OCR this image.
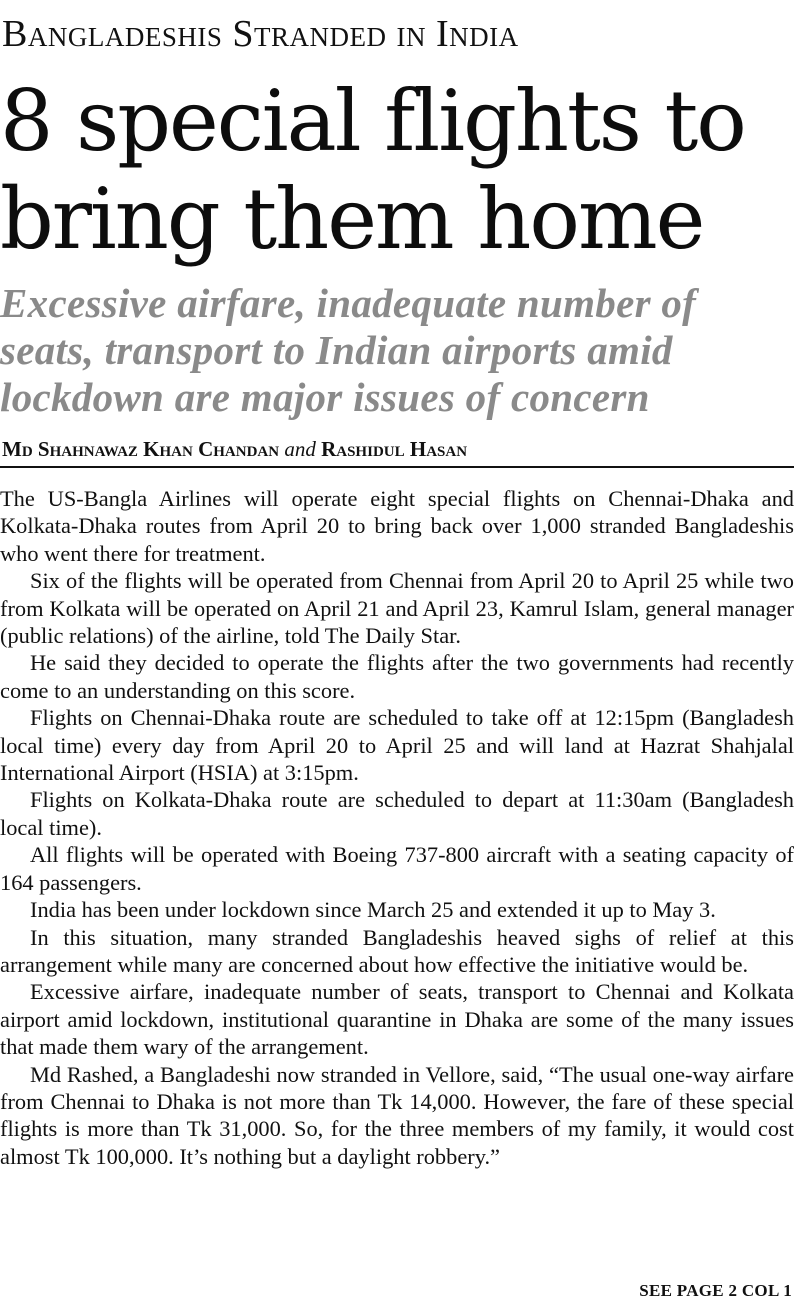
Bangladeshis Stranded in India
8 special flights to bring them home
Excessive airfare, inadequate number of seats, transport to Indian airports amid lockdown are major issues of concern
Md Shahnawaz Khan Chandan and Rashidul Hasan

The US-Bangla Airlines will operate eight special flights on Chennai-Dhaka and Kolkata-Dhaka routes from April 20 to bring back over 1,000 stranded Bangladeshis who went there for treatment.

Six of the flights will be operated from Chennai from April 20 to April 25 while two from Kolkata will be operated on April 21 and April 23, Kamrul Islam, general manager (public relations) of the airline, told The Daily Star.

He said they decided to operate the flights after the two governments had recently come to an understanding on this score.

Flights on Chennai-Dhaka route are scheduled to take off at 12:15pm (Bangladesh local time) every day from April 20 to April 25 and will land at Hazrat Shahjalal International Airport (HSIA) at 3:15pm.

Flights on Kolkata-Dhaka route are scheduled to depart at 11:30am (Bangladesh local time).

All flights will be operated with Boeing 737-800 aircraft with a seating capacity of 164 passengers.

India has been under lockdown since March 25 and extended it up to May 3.

In this situation, many stranded Bangladeshis heaved sighs of relief at this arrangement while many are concerned about how effective the initiative would be.

Excessive airfare, inadequate number of seats, transport to Chennai and Kolkata airport amid lockdown, institutional quarantine in Dhaka are some of the many issues that made them wary of the arrangement.

Md Rashed, a Bangladeshi now stranded in Vellore, said, “The usual one-way airfare from Chennai to Dhaka is not more than Tk 14,000. However, the fare of these special flights is more than Tk 31,000. So, for the three members of my family, it would cost almost Tk 100,000. It’s nothing but a daylight robbery.”

SEE PAGE 2 COL 1
